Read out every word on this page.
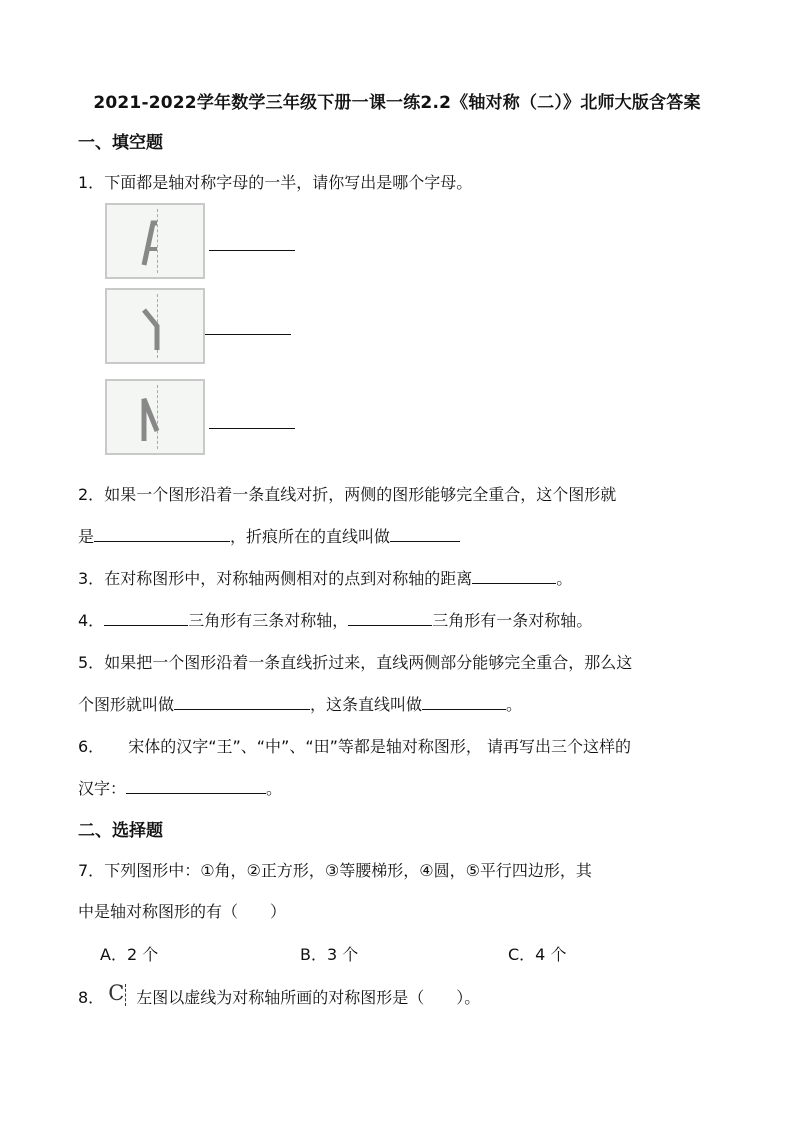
2021-2022学年数学三年级下册一课一练2.2《轴对称（二）》北师大版含答案
一、填空题
1．下面都是轴对称字母的一半，请你写出是哪个字母。
2．如果一个图形沿着一条直线对折，两侧的图形能够完全重合，这个图形就
是	，折痕所在的直线叫做
3．在对称图形中，对称轴两侧相对的点到对称轴的距离	。
4．	三角形有三条对称轴，	三角形有一条对称轴。
5．如果把一个图形沿着一条直线折过来，直线两侧部分能够完全重合，那么这
个图形就叫做	，这条直线叫做	。
6． 宋体的汉字“王”、“中”、“田”等都是轴对称图形， 请再写出三个这样的
汉字：	。
二、选择题
7．下列图形中：①角，②正方形，③等腰梯形，④圆，⑤平行四边形，其
中是轴对称图形的有（　　）
A．2 个	B．3 个	C．4 个
8． C 左图以虚线为对称轴所画的对称图形是（　　）。
